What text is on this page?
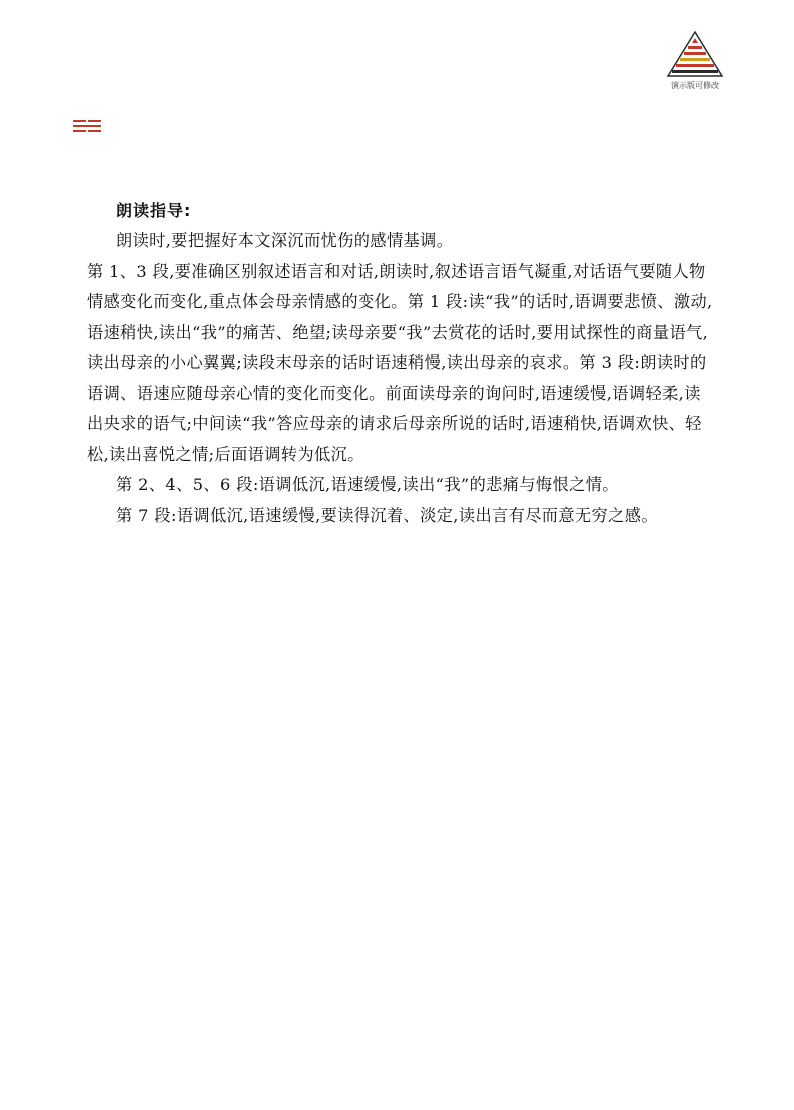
演示版可修改

朗读指导:

朗读时,要把握好本文深沉而忧伤的感情基调。

第 1、3 段,要准确区别叙述语言和对话,朗读时,叙述语言语气凝重,对话语气要随人物情感变化而变化,重点体会母亲情感的变化。第 1 段:读“我”的话时,语调要悲愤、激动,语速稍快,读出“我”的痛苦、绝望;读母亲要“我”去赏花的话时,要用试探性的商量语气,读出母亲的小心翼翼;读段末母亲的话时语速稍慢,读出母亲的哀求。第 3 段:朗读时的语调、语速应随母亲心情的变化而变化。前面读母亲的询问时,语速缓慢,语调轻柔,读出央求的语气;中间读“我”答应母亲的请求后母亲所说的话时,语速稍快,语调欢快、轻松,读出喜悦之情;后面语调转为低沉。

第 2、4、5、6 段:语调低沉,语速缓慢,读出“我”的悲痛与悔恨之情。

第 7 段:语调低沉,语速缓慢,要读得沉着、淡定,读出言有尽而意无穷之感。
